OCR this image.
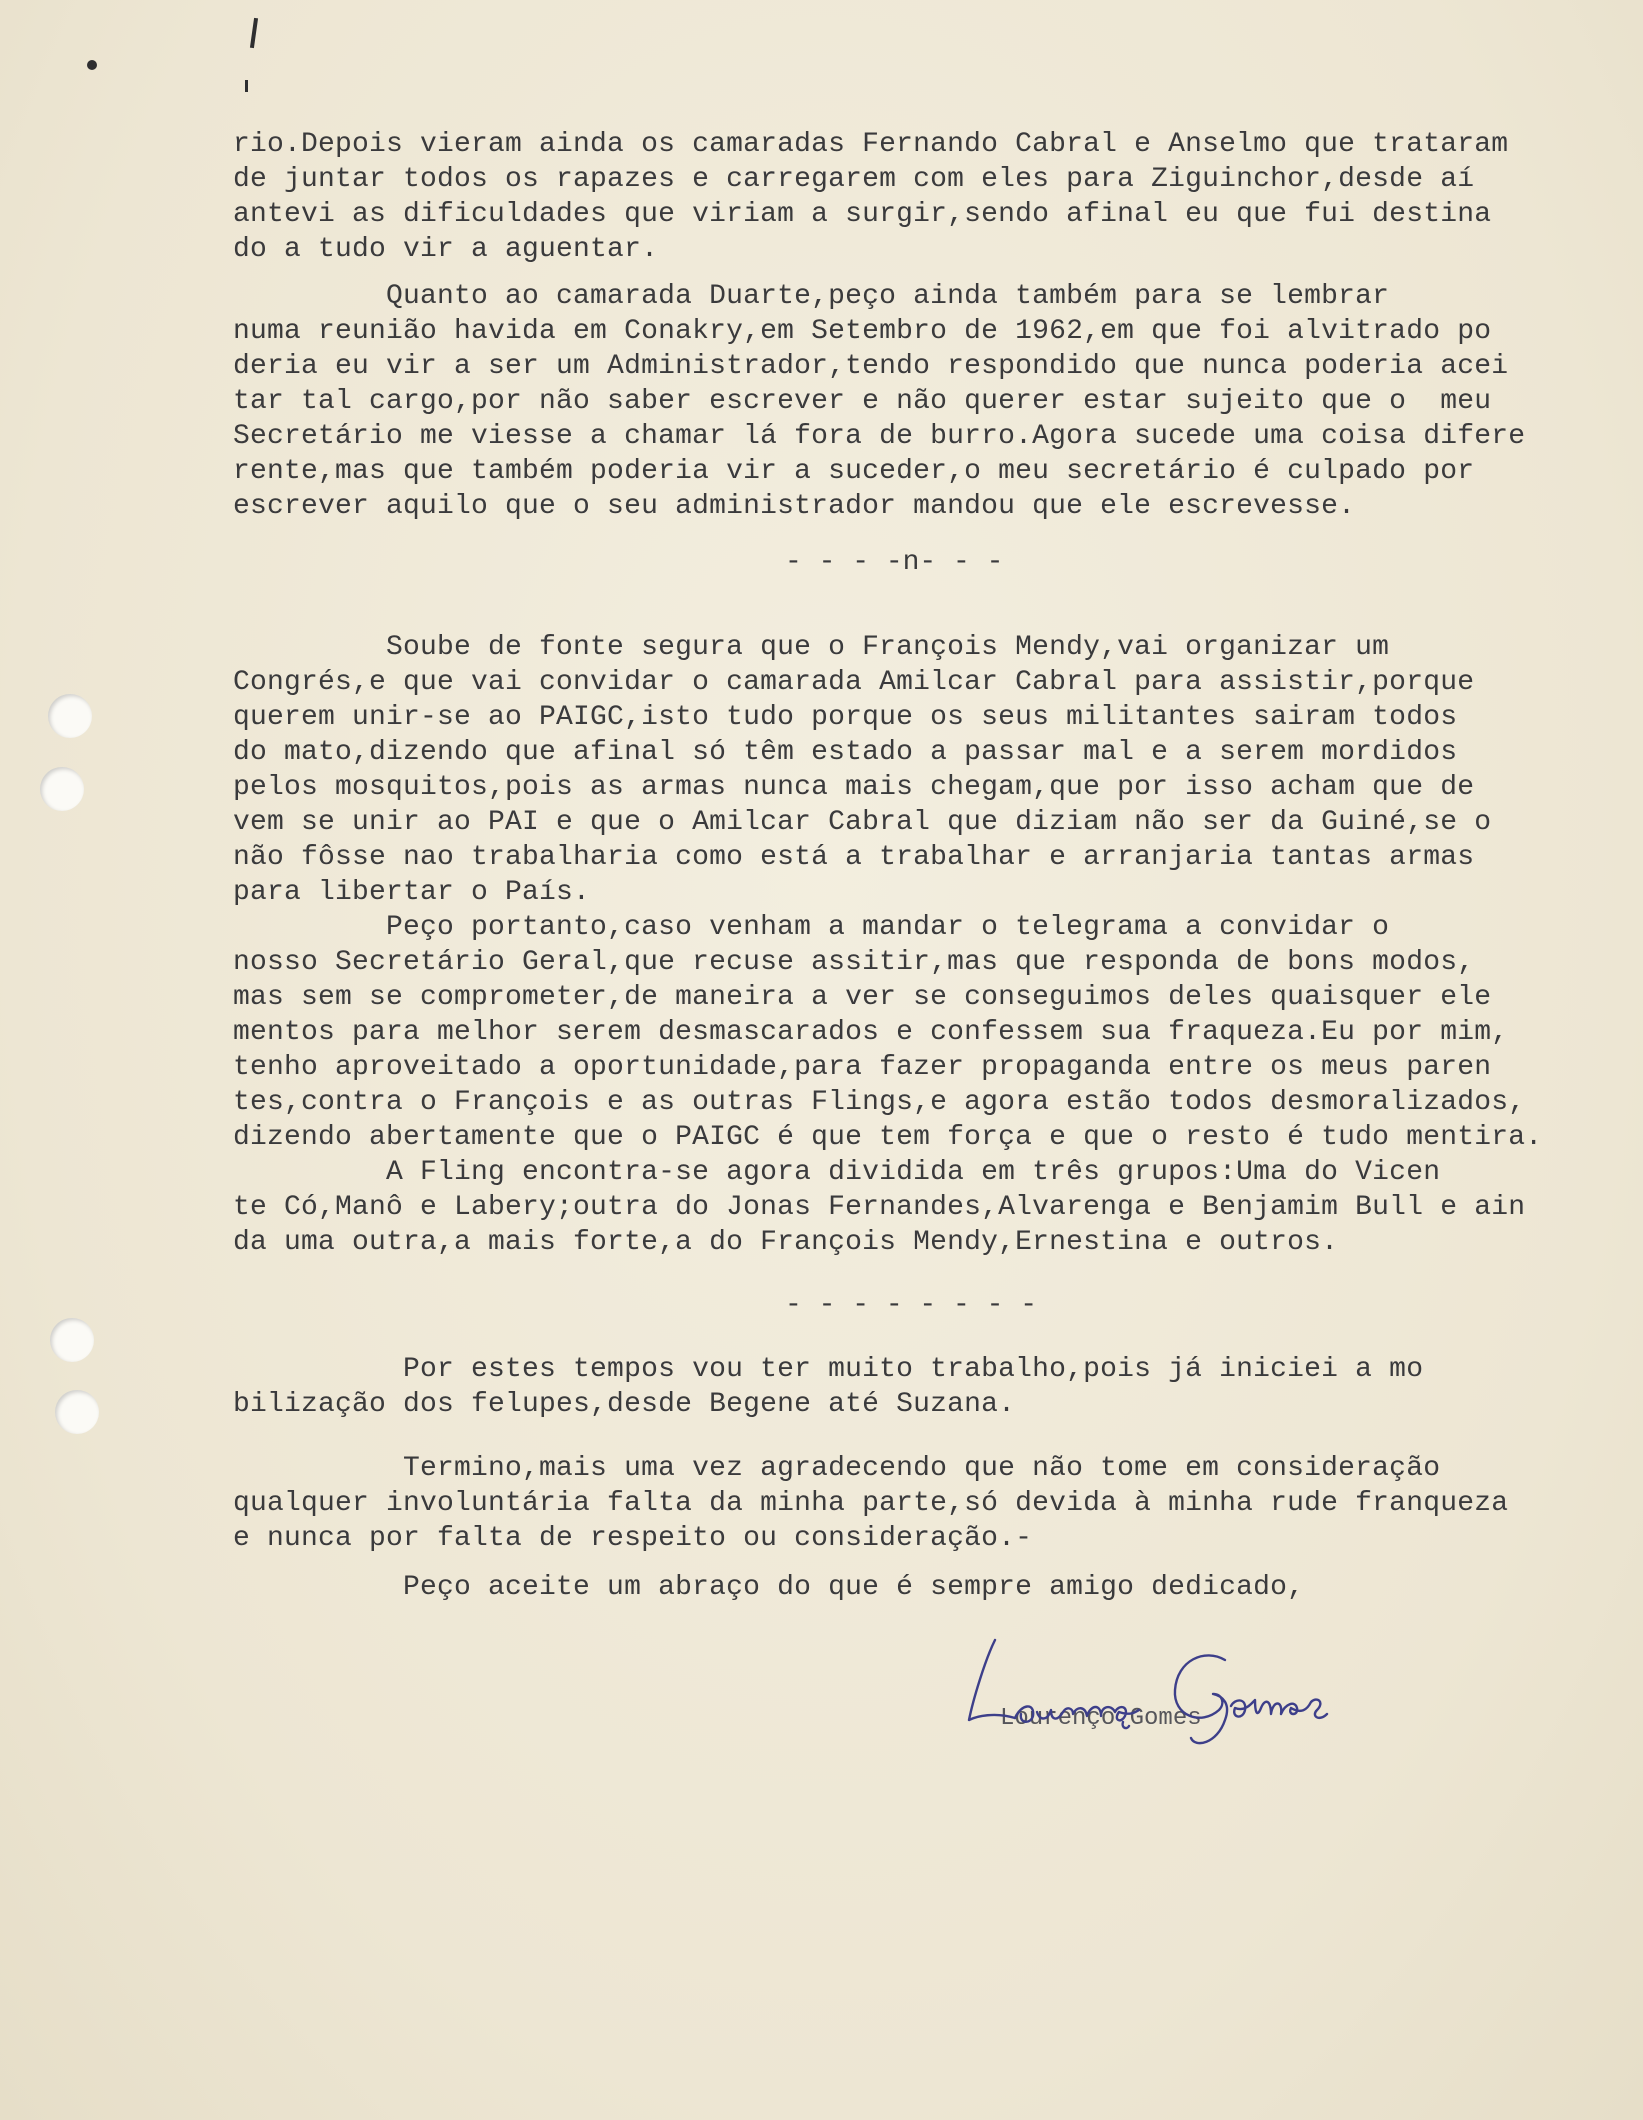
rio.Depois vieram ainda os camaradas Fernando Cabral e Anselmo que trataram
de juntar todos os rapazes e carregarem com eles para Ziguinchor,desde aí
antevi as dificuldades que viriam a surgir,sendo afinal eu que fui destina
do a tudo vir a aguentar.
Quanto ao camarada Duarte,peço ainda também para se lembrar
numa reunião havida em Conakry,em Setembro de 1962,em que foi alvitrado po
deria eu vir a ser um Administrador,tendo respondido que nunca poderia acei
tar tal cargo,por não saber escrever e não querer estar sujeito que o  meu
Secretário me viesse a chamar lá fora de burro.Agora sucede uma coisa difere
rente,mas que também poderia vir a suceder,o meu secretário é culpado por
escrever aquilo que o seu administrador mandou que ele escrevesse.
- - - -n- - -
Soube de fonte segura que o François Mendy,vai organizar um
Congrés,e que vai convidar o camarada Amilcar Cabral para assistir,porque
querem unir-se ao PAIGC,isto tudo porque os seus militantes sairam todos
do mato,dizendo que afinal só têm estado a passar mal e a serem mordidos
pelos mosquitos,pois as armas nunca mais chegam,que por isso acham que de
vem se unir ao PAI e que o Amilcar Cabral que diziam não ser da Guiné,se o
não fôsse nao trabalharia como está a trabalhar e arranjaria tantas armas
para libertar o País.
Peço portanto,caso venham a mandar o telegrama a convidar o
nosso Secretário Geral,que recuse assitir,mas que responda de bons modos,
mas sem se comprometer,de maneira a ver se conseguimos deles quaisquer ele
mentos para melhor serem desmascarados e confessem sua fraqueza.Eu por mim,
tenho aproveitado a oportunidade,para fazer propaganda entre os meus paren
tes,contra o François e as outras Flings,e agora estão todos desmoralizados,
dizendo abertamente que o PAIGC é que tem força e que o resto é tudo mentira.
A Fling encontra-se agora dividida em três grupos:Uma do Vicen
te Có,Manô e Labery;outra do Jonas Fernandes,Alvarenga e Benjamim Bull e ain
da uma outra,a mais forte,a do François Mendy,Ernestina e outros.
- - - - - - - -
Por estes tempos vou ter muito trabalho,pois já iniciei a mo
bilização dos felupes,desde Begene até Suzana.
Termino,mais uma vez agradecendo que não tome em consideração
qualquer involuntária falta da minha parte,só devida à minha rude franqueza
e nunca por falta de respeito ou consideração.-
Peço aceite um abraço do que é sempre amigo dedicado,
Lourenço Gomes
